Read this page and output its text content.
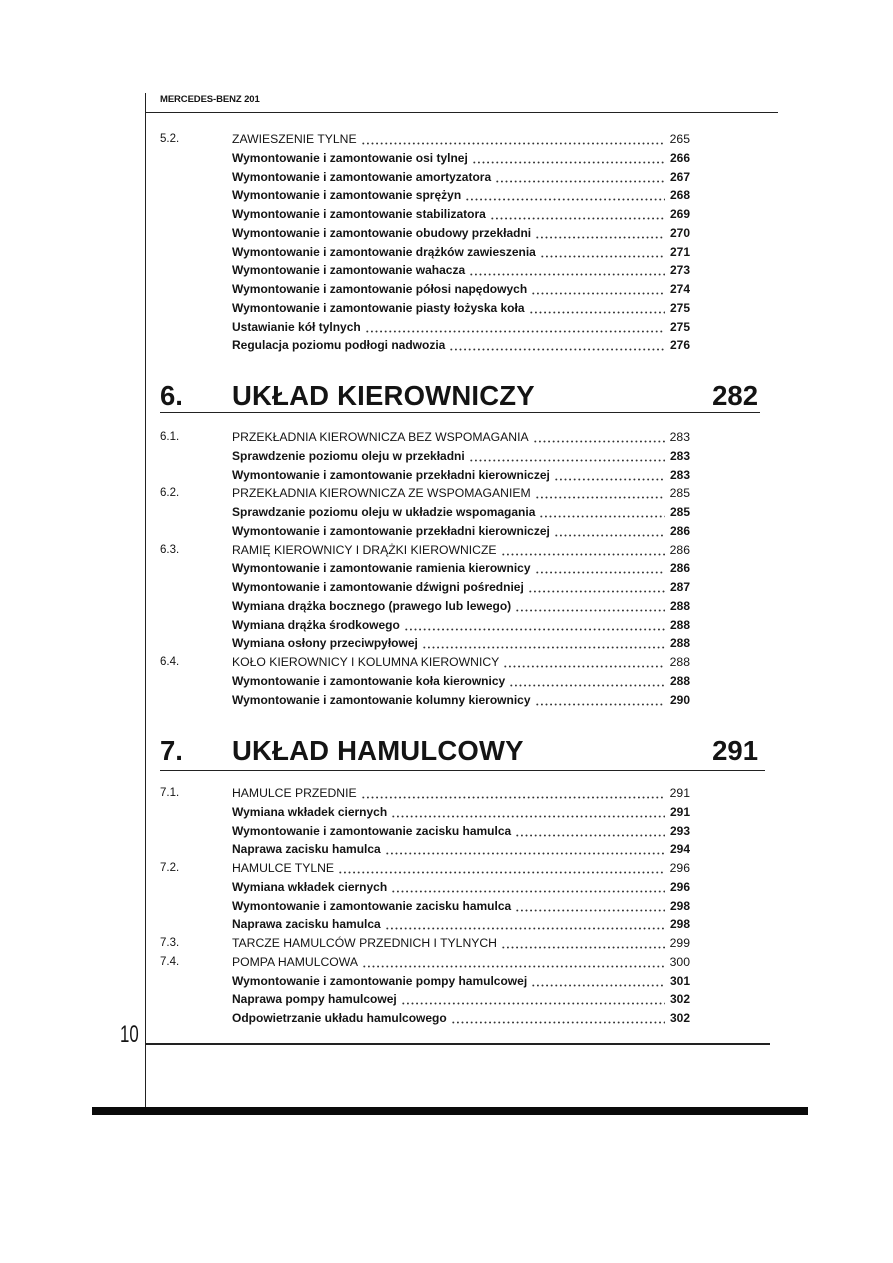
MERCEDES-BENZ 201
5.2.	ZAWIESZENIE TYLNE	265
Wymontowanie i zamontowanie osi tylnej	266
Wymontowanie i zamontowanie amortyzatora	267
Wymontowanie i zamontowanie sprężyn	268
Wymontowanie i zamontowanie stabilizatora	269
Wymontowanie i zamontowanie obudowy przekładni	270
Wymontowanie i zamontowanie drążków zawieszenia	271
Wymontowanie i zamontowanie wahacza	273
Wymontowanie i zamontowanie półosi napędowych	274
Wymontowanie i zamontowanie piasty łożyska koła	275
Ustawianie kół tylnych	275
Regulacja poziomu podłogi nadwozia	276
6. UKŁAD KIEROWNICZY	282
6.1.	PRZEKŁADNIA KIEROWNICZA BEZ WSPOMAGANIA	283
Sprawdzenie poziomu oleju w przekładni	283
Wymontowanie i zamontowanie przekładni kierowniczej	283
6.2.	PRZEKŁADNIA KIEROWNICZA ZE WSPOMAGANIEM	285
Sprawdzanie poziomu oleju w układzie wspomagania	285
Wymontowanie i zamontowanie przekładni kierowniczej	286
6.3.	RAMIĘ KIEROWNICY I DRĄŻKI KIEROWNICZE	286
Wymontowanie i zamontowanie ramienia kierownicy	286
Wymontowanie i zamontowanie dźwigni pośredniej	287
Wymiana drążka bocznego (prawego lub lewego)	288
Wymiana drążka środkowego	288
Wymiana osłony przeciwpyłowej	288
6.4.	KOŁO KIEROWNICY I KOLUMNA KIEROWNICY	288
Wymontowanie i zamontowanie koła kierownicy	288
Wymontowanie i zamontowanie kolumny kierownicy	290
7. UKŁAD HAMULCOWY	291
7.1.	HAMULCE PRZEDNIE	291
Wymiana wkładek ciernych	291
Wymontowanie i zamontowanie zacisku hamulca	293
Naprawa zacisku hamulca	294
7.2.	HAMULCE TYLNE	296
Wymiana wkładek ciernych	296
Wymontowanie i zamontowanie zacisku hamulca	298
Naprawa zacisku hamulca	298
7.3.	TARCZE HAMULCÓW PRZEDNICH I TYLNYCH	299
7.4.	POMPA HAMULCOWA	300
Wymontowanie i zamontowanie pompy hamulcowej	301
Naprawa pompy hamulcowej	302
Odpowietrzanie układu hamulcowego	302
10
